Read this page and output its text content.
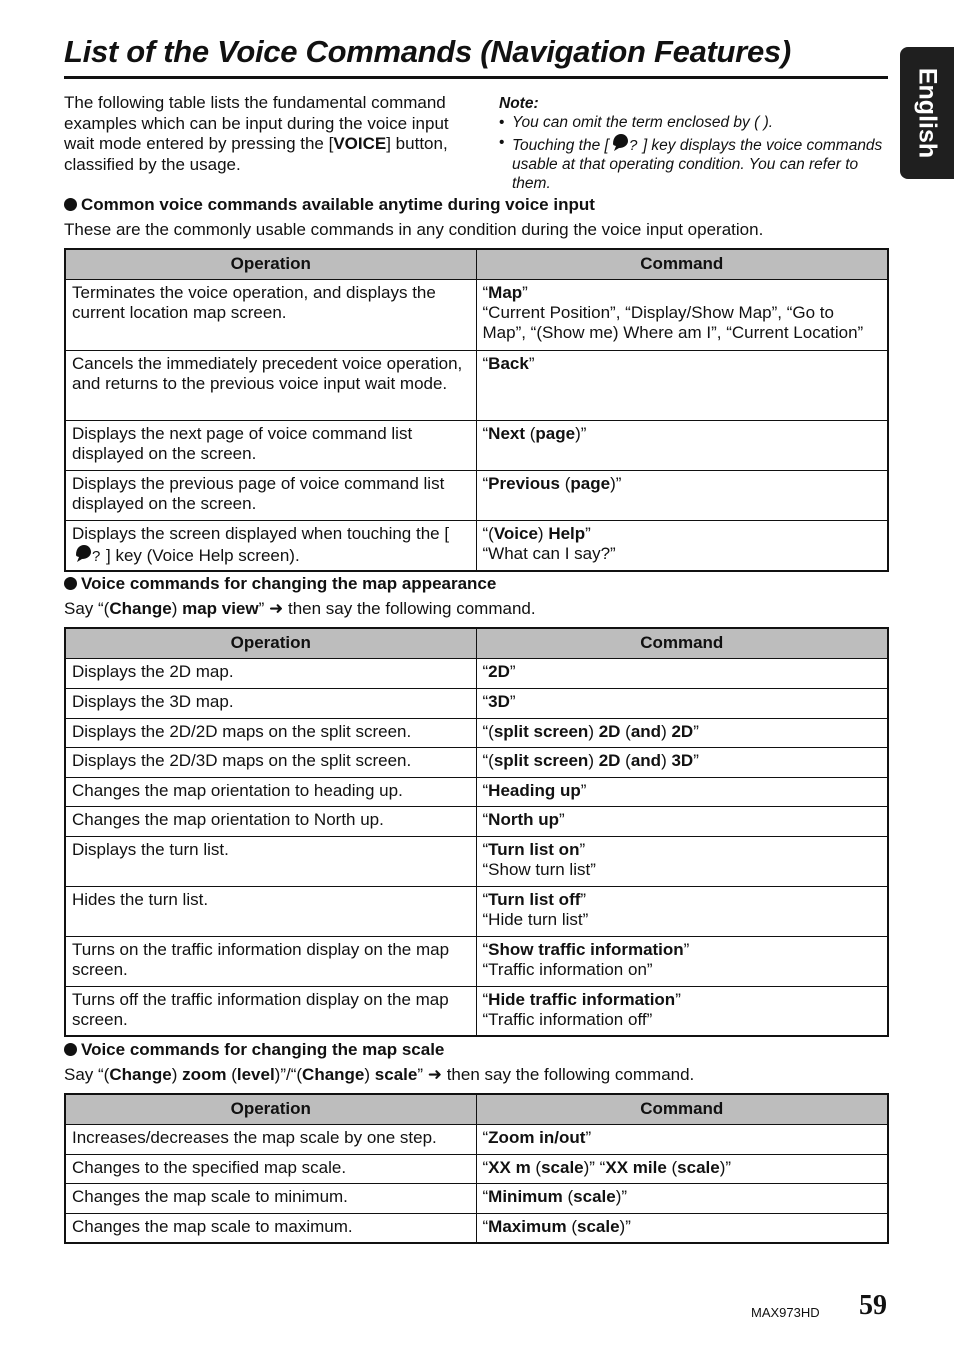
List of the Voice Commands (Navigation Features)
English

The following table lists the fundamental command examples which can be input during the voice input wait mode entered by pressing the [VOICE] button, classified by the usage.

Note:
• You can omit the term enclosed by ( ).
• Touching the [ ] key displays the voice commands usable at that operating condition. You can refer to them.
Common voice commands available anytime during voice input
These are the commonly usable commands in any condition during the voice input operation.
Operation	Command
Terminates the voice operation, and displays the current location map screen.	“Map”
“Current Position”, “Display/Show Map”, “Go to Map”, “(Show me) Where am I”, “Current Location”
Cancels the immediately precedent voice operation, and returns to the previous voice input wait mode.	“Back”
Displays the next page of voice command list displayed on the screen.	“Next (page)”
Displays the previous page of voice command list displayed on the screen.	“Previous (page)”
Displays the screen displayed when touching the [
] key (Voice Help screen).	“(Voice) Help”
“What can I say?”
Voice commands for changing the map appearance
Say “(Change) map view” ➜ then say the following command.
Operation	Command
Displays the 2D map.	“2D”
Displays the 3D map.	“3D”
Displays the 2D/2D maps on the split screen.	“(split screen) 2D (and) 2D”
Displays the 2D/3D maps on the split screen.	“(split screen) 2D (and) 3D”
Changes the map orientation to heading up.	“Heading up”
Changes the map orientation to North up.	“North up”
Displays the turn list.	“Turn list on”
“Show turn list”
Hides the turn list.	“Turn list off”
“Hide turn list”
Turns on the traffic information display on the map screen.	“Show traffic information”
“Traffic information on”
Turns off the traffic information display on the map screen.	“Hide traffic information”
“Traffic information off”
Voice commands for changing the map scale
Say “(Change) zoom (level)”/“(Change) scale” ➜ then say the following command.
Operation	Command
Increases/decreases the map scale by one step.	“Zoom in/out”
Changes to the specified map scale.	“XX m (scale)” “XX mile (scale)”
Changes the map scale to minimum.	“Minimum (scale)”
Changes the map scale to maximum.	“Maximum (scale)”
MAX973HD 59
